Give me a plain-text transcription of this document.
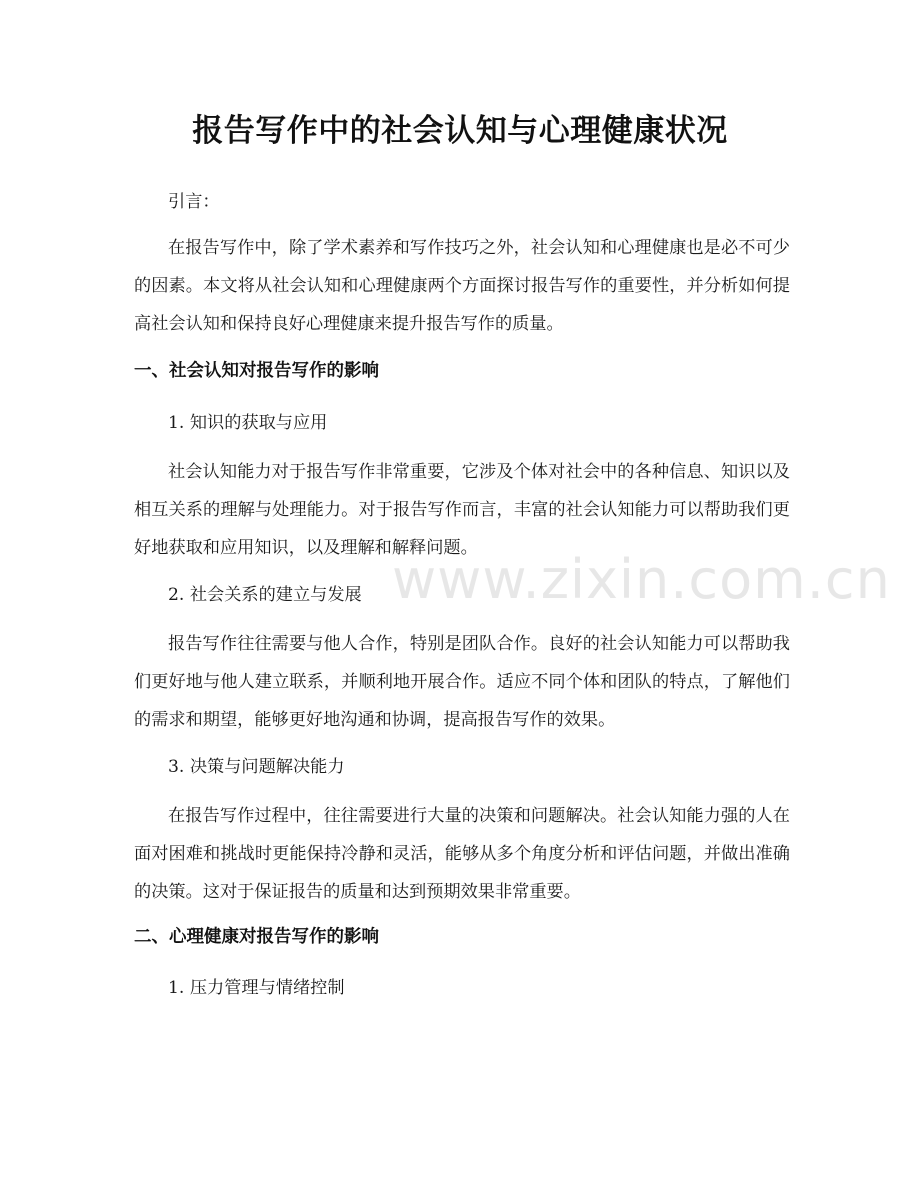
报告写作中的社会认知与心理健康状况
引言：
在报告写作中，除了学术素养和写作技巧之外，社会认知和心理健康也是必不可少的因素。本文将从社会认知和心理健康两个方面探讨报告写作的重要性，并分析如何提高社会认知和保持良好心理健康来提升报告写作的质量。
一、社会认知对报告写作的影响
1. 知识的获取与应用
社会认知能力对于报告写作非常重要，它涉及个体对社会中的各种信息、知识以及相互关系的理解与处理能力。对于报告写作而言，丰富的社会认知能力可以帮助我们更好地获取和应用知识，以及理解和解释问题。
2. 社会关系的建立与发展
报告写作往往需要与他人合作，特别是团队合作。良好的社会认知能力可以帮助我们更好地与他人建立联系，并顺利地开展合作。适应不同个体和团队的特点，了解他们的需求和期望，能够更好地沟通和协调，提高报告写作的效果。
3. 决策与问题解决能力
在报告写作过程中，往往需要进行大量的决策和问题解决。社会认知能力强的人在面对困难和挑战时更能保持冷静和灵活，能够从多个角度分析和评估问题，并做出准确的决策。这对于保证报告的质量和达到预期效果非常重要。
二、心理健康对报告写作的影响
1. 压力管理与情绪控制
www.zixin.com.cn
